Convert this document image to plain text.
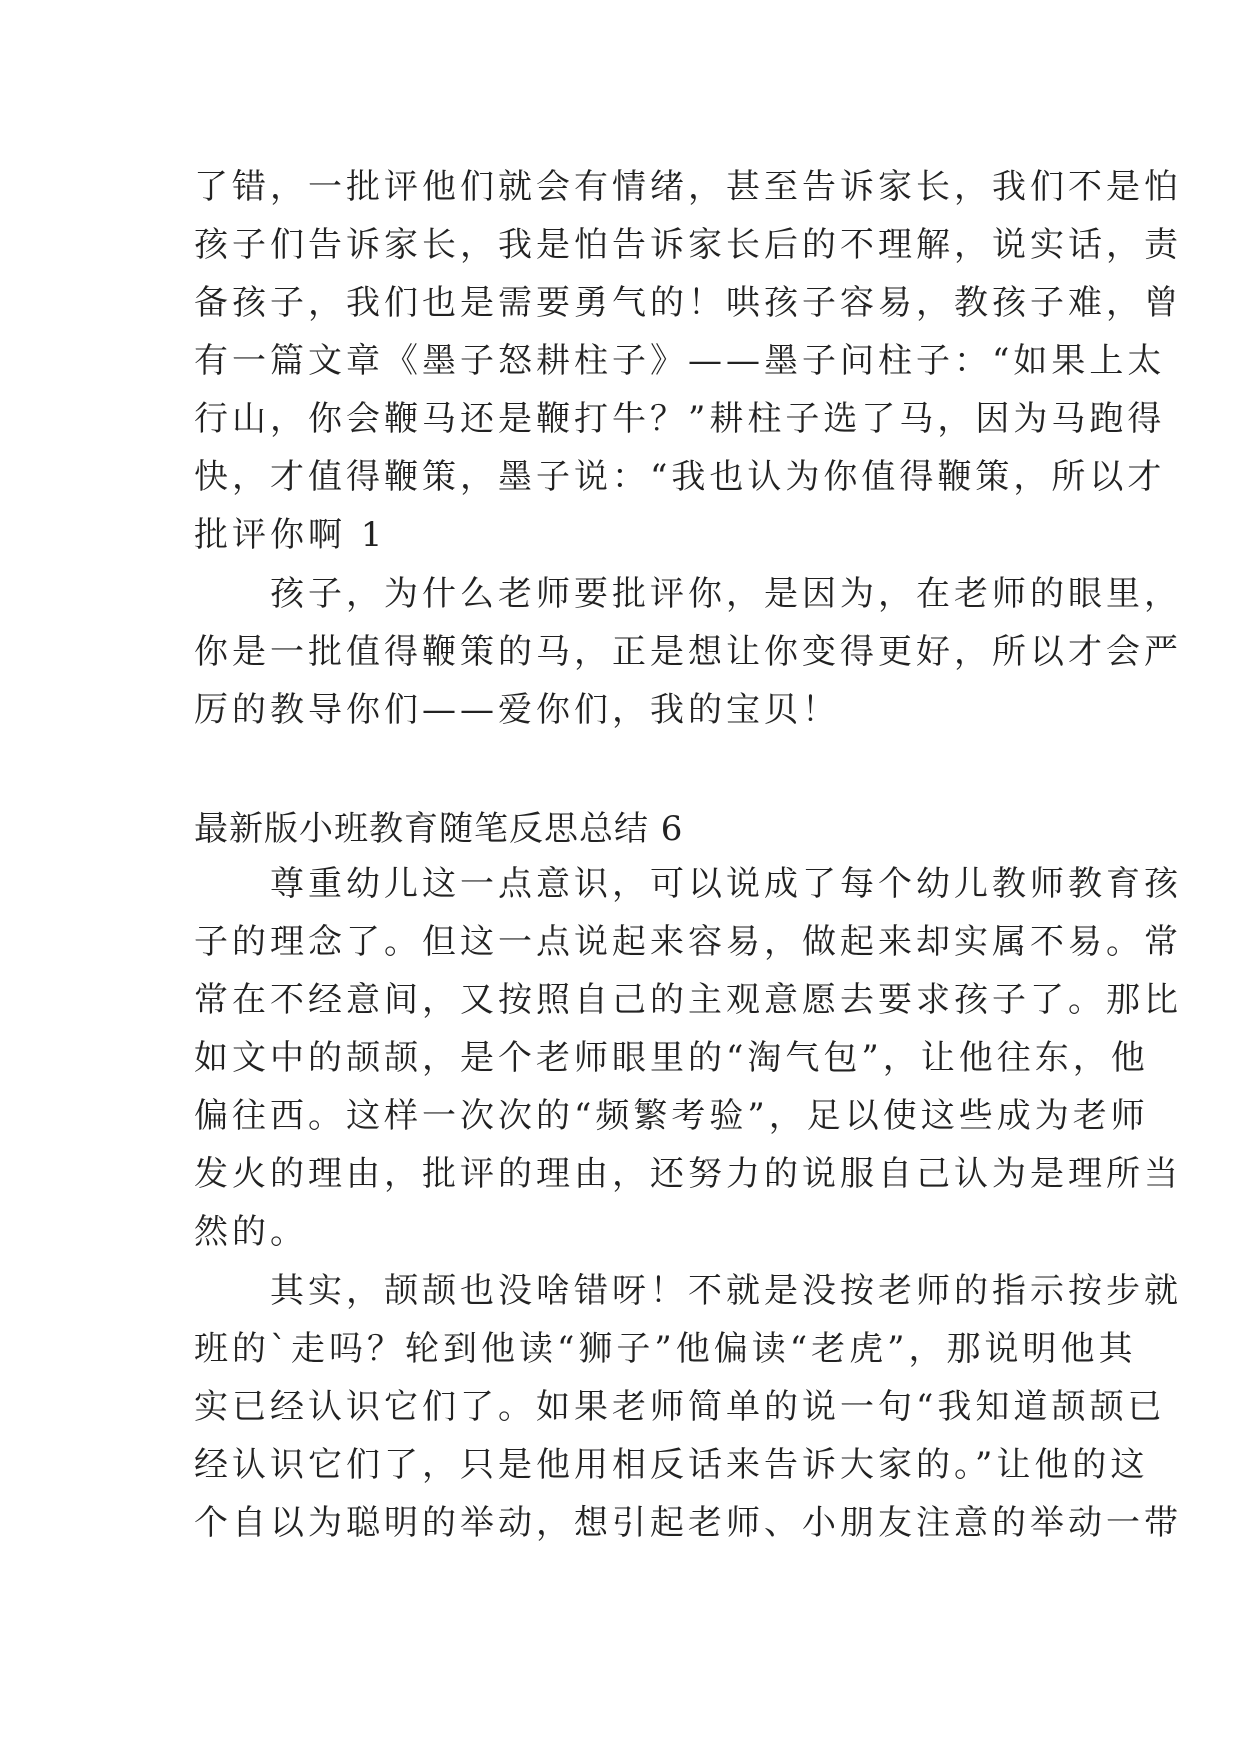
了错，一批评他们就会有情绪，甚至告诉家长，我们不是怕
孩子们告诉家长，我是怕告诉家长后的不理解，说实话，责
备孩子，我们也是需要勇气的！哄孩子容易，教孩子难，曾
有一篇文章《墨子怒耕柱子》——墨子问柱子：“如果上太
行山，你会鞭马还是鞭打牛？”耕柱子选了马，因为马跑得
快，才值得鞭策，墨子说：“我也认为你值得鞭策，所以才
批评你啊 1
　　孩子，为什么老师要批评你，是因为，在老师的眼里，
你是一批值得鞭策的马，正是想让你变得更好，所以才会严
厉的教导你们——爱你们，我的宝贝！
最新版小班教育随笔反思总结 6
　　尊重幼儿这一点意识，可以说成了每个幼儿教师教育孩
子的理念了。但这一点说起来容易，做起来却实属不易。常
常在不经意间，又按照自己的主观意愿去要求孩子了。那比
如文中的颉颉，是个老师眼里的“淘气包”，让他往东，他
偏往西。这样一次次的“频繁考验”，足以使这些成为老师
发火的理由，批评的理由，还努力的说服自己认为是理所当
然的。
　　其实，颉颉也没啥错呀！不就是没按老师的指示按步就
班的`走吗？轮到他读“狮子”他偏读“老虎”，那说明他其
实已经认识它们了。如果老师简单的说一句“我知道颉颉已
经认识它们了，只是他用相反话来告诉大家的。”让他的这
个自以为聪明的举动，想引起老师、小朋友注意的举动一带
